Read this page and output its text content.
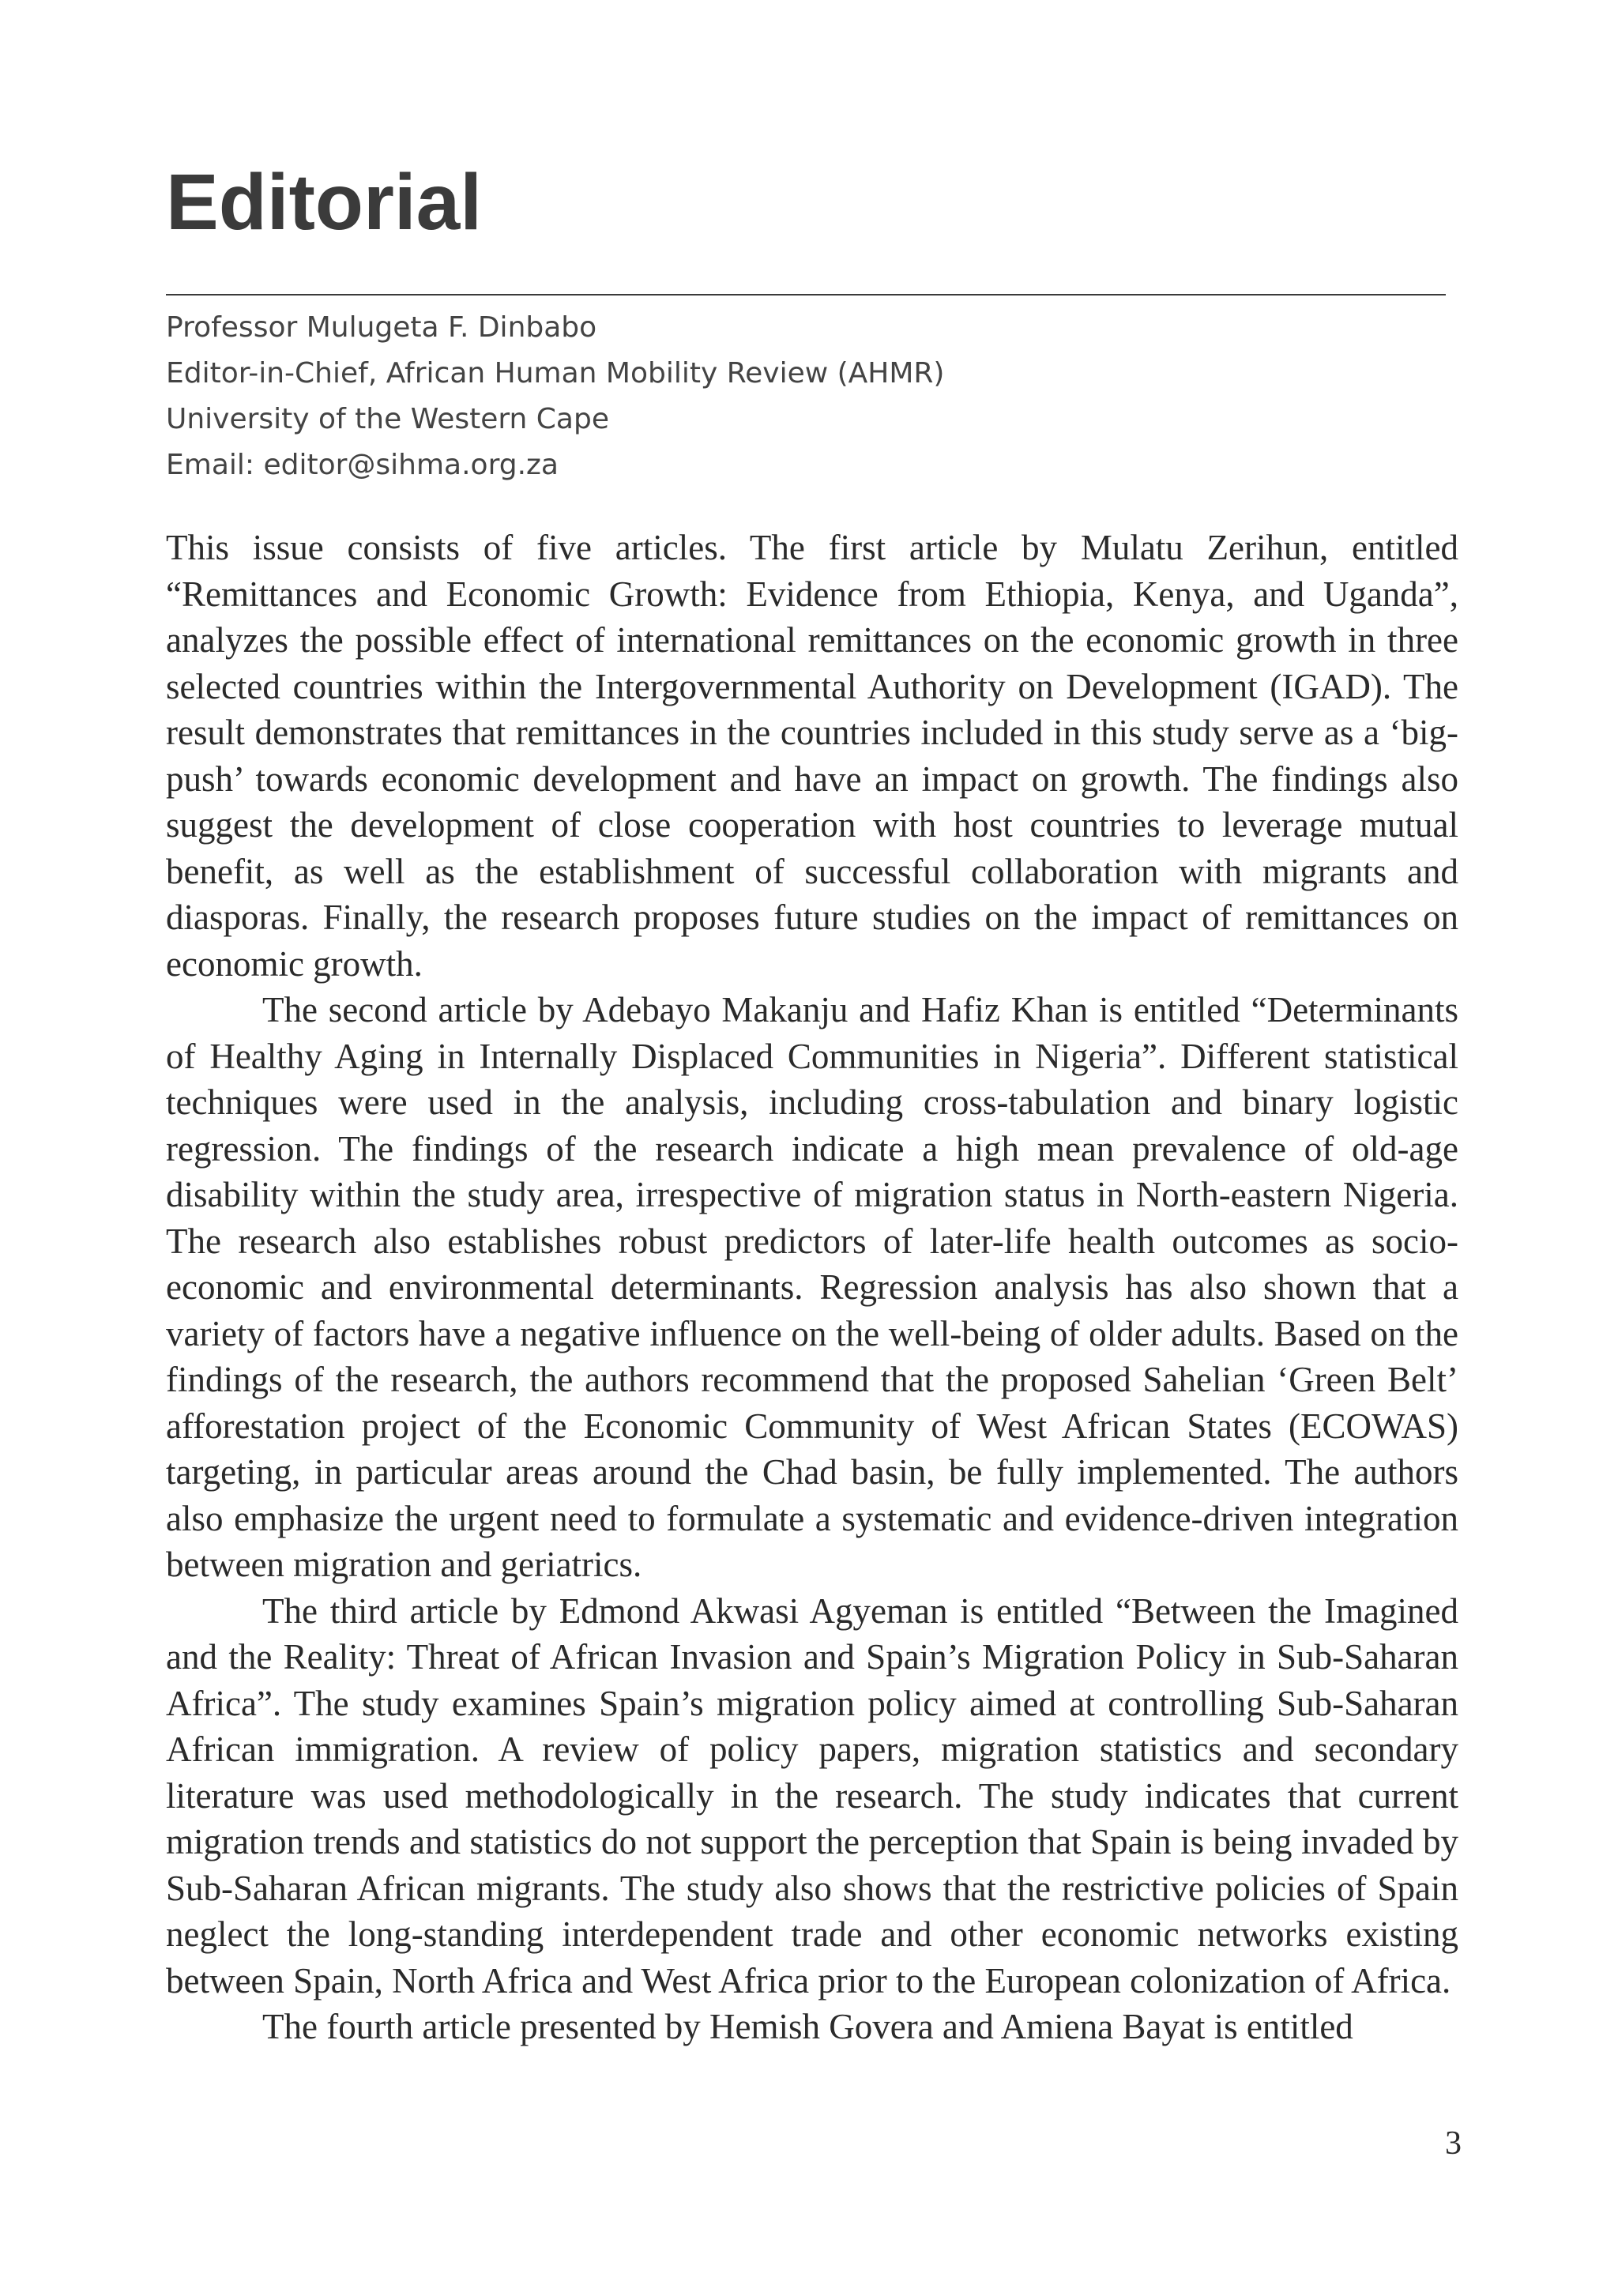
Editorial
Professor Mulugeta F. Dinbabo
Editor-in-Chief, African Human Mobility Review (AHMR)
University of the Western Cape
Email: editor@sihma.org.za

This issue consists of five articles. The first article by Mulatu Zerihun, entitled “Remittances and Economic Growth: Evidence from Ethiopia, Kenya, and Uganda”, analyzes the possible effect of international remittances on the economic growth in three selected countries within the Intergovernmental Authority on Development (IGAD). The result demonstrates that remittances in the countries included in this study serve as a ‘big-push’ towards economic development and have an impact on growth. The findings also suggest the development of close cooperation with host countries to leverage mutual benefit, as well as the establishment of successful collaboration with migrants and diasporas. Finally, the research proposes future studies on the impact of remittances on economic growth.

The second article by Adebayo Makanju and Hafiz Khan is entitled “Determinants of Healthy Aging in Internally Displaced Communities in Nigeria”. Different statistical techniques were used in the analysis, including cross-tabulation and binary logistic regression. The findings of the research indicate a high mean prevalence of old-age disability within the study area, irrespective of migration status in North-eastern Nigeria. The research also establishes robust predictors of later-life health outcomes as socio-economic and environmental determinants. Regression analysis has also shown that a variety of factors have a negative influence on the well-being of older adults. Based on the findings of the research, the authors recommend that the proposed Sahelian ‘Green Belt’ afforestation project of the Economic Community of West African States (ECOWAS) targeting, in particular areas around the Chad basin, be fully implemented. The authors also emphasize the urgent need to formulate a systematic and evidence-driven integration between migration and geriatrics.

The third article by Edmond Akwasi Agyeman is entitled “Between the Imagined and the Reality: Threat of African Invasion and Spain’s Migration Policy in Sub-Saharan Africa”. The study examines Spain’s migration policy aimed at controlling Sub-Saharan African immigration. A review of policy papers, migration statistics and secondary literature was used methodologically in the research. The study indicates that current migration trends and statistics do not support the perception that Spain is being invaded by Sub-Saharan African migrants. The study also shows that the restrictive policies of Spain neglect the long-standing interdependent trade and other economic networks existing between Spain, North Africa and West Africa prior to the European colonization of Africa.

The fourth article presented by Hemish Govera and Amiena Bayat is entitled

3
